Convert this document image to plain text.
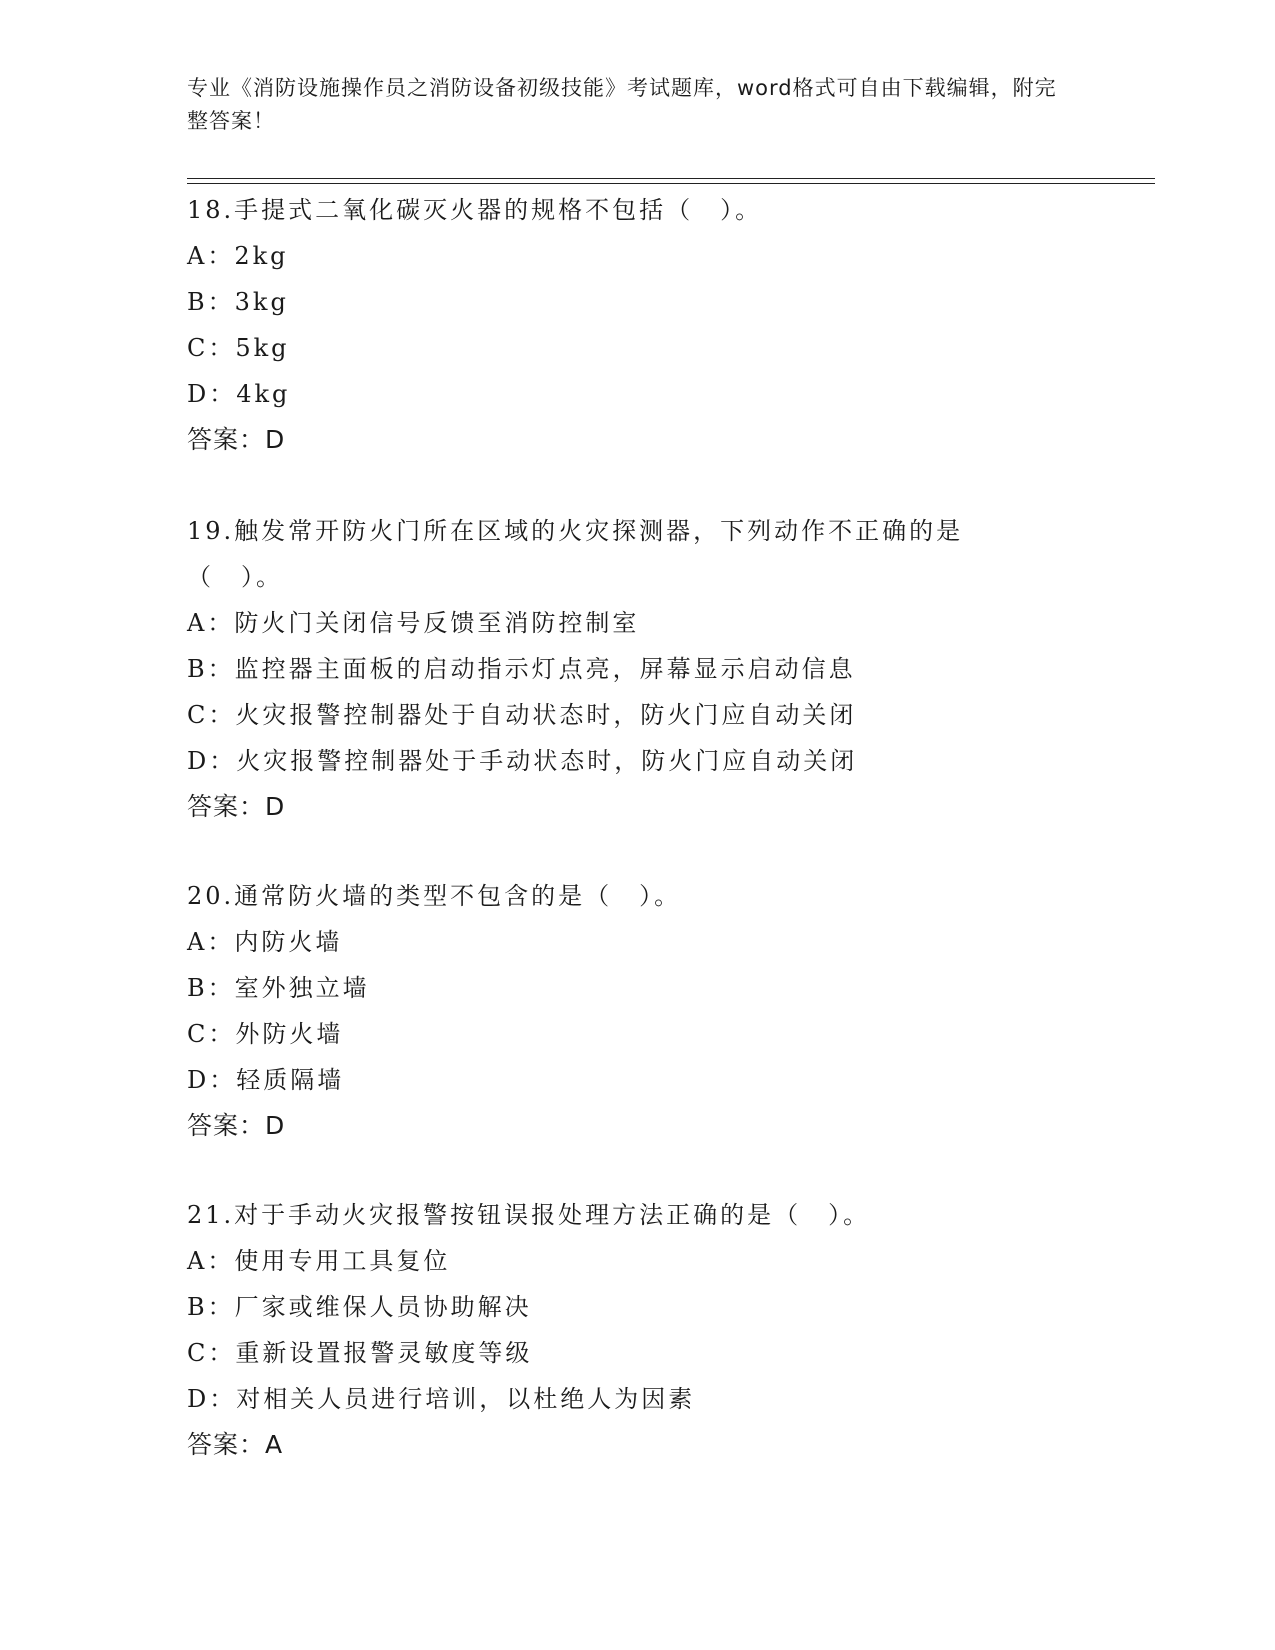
专业《消防设施操作员之消防设备初级技能》考试题库，word格式可自由下载编辑，附完整答案！

18.手提式二氧化碳灭火器的规格不包括（　）。

A：2kg

B：3kg

C：5kg

D：4kg

答案：D

19.触发常开防火门所在区域的火灾探测器，下列动作不正确的是（　）。

A：防火门关闭信号反馈至消防控制室

B：监控器主面板的启动指示灯点亮，屏幕显示启动信息

C：火灾报警控制器处于自动状态时，防火门应自动关闭

D：火灾报警控制器处于手动状态时，防火门应自动关闭

答案：D

20.通常防火墙的类型不包含的是（　）。

A：内防火墙

B：室外独立墙

C：外防火墙

D：轻质隔墙

答案：D

21.对于手动火灾报警按钮误报处理方法正确的是（　）。

A：使用专用工具复位

B：厂家或维保人员协助解决

C：重新设置报警灵敏度等级

D：对相关人员进行培训，以杜绝人为因素

答案：A
